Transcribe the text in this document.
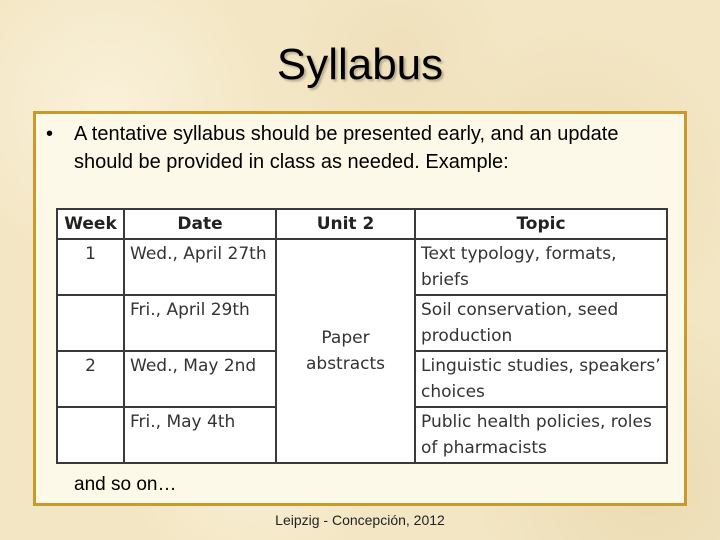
Syllabus
•	A tentative syllabus should be presented early, and an update should be provided in class as needed. Example:
Week	Date	Unit 2	Topic
1	Wed., April 27th	Paper abstracts	Text typology, formats, briefs
	Fri., April 29th		Soil conservation, seed production
2	Wed., May 2nd		Linguistic studies, speakers’ choices
	Fri., May 4th		Public health policies, roles of pharmacists
and so on…
Leipzig - Concepción, 2012
